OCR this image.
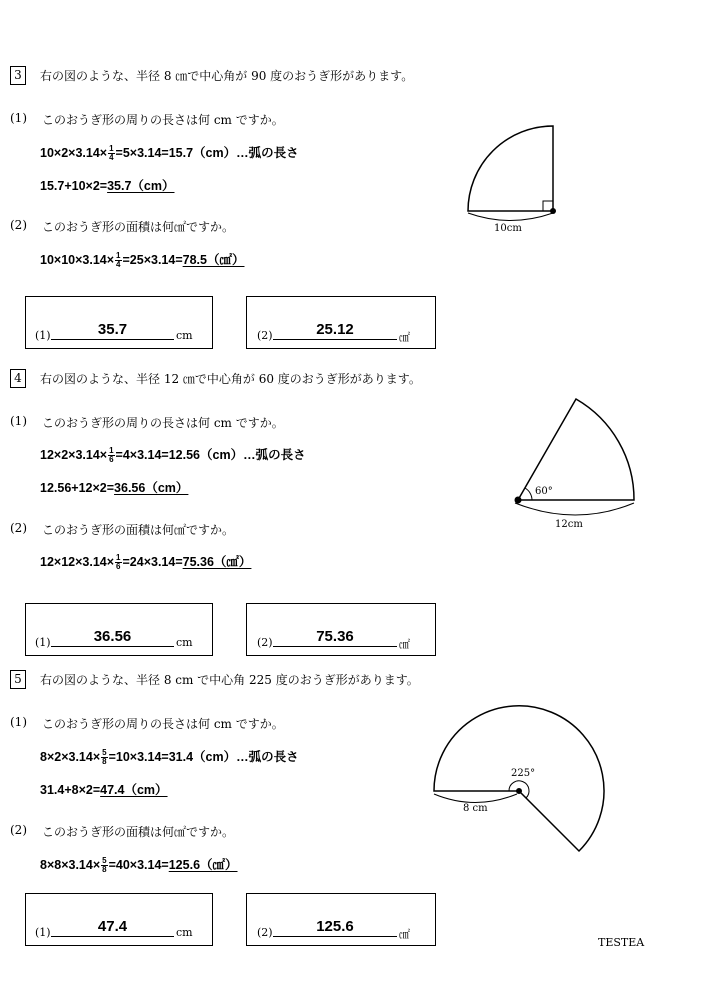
3	右の図のような、半径 8 ㎝で中心角が 90 度のおうぎ形があります。
(1) このおうぎ形の周りの長さは何 cm ですか。
$10\times 2\times 3.14\times \frac{1}{4}$ =5×3.14=15.7（cm）…弧の長さ
15.7+10×2=35.7（cm）
(2) このおうぎ形の面積は何㎠ですか。
$10\times 10\times 3.14\times \frac{1}{4}$ =25×3.14=78.5（㎠）
10cm
(1)	35.7	cm	(2)	25.12	㎠
4	右の図のような、半径 12 ㎝で中心角が 60 度のおうぎ形があります。
(1) このおうぎ形の周りの長さは何 cm ですか。
$12\times 2\times 3.14\times \frac{1}{6}$ =4×3.14=12.56（cm）…弧の長さ
12.56+12×2=36.56（cm）
(2) このおうぎ形の面積は何㎠ですか。
$12\times 12\times 3.14\times \frac{1}{6}$ =24×3.14=75.36（㎠）
60°
12cm
(1)	36.56	cm	(2)	75.36	㎠
5	右の図のような、半径 8 cm で中心角 225 度のおうぎ形があります。
(1) このおうぎ形の周りの長さは何 cm ですか。
$8\times 2\times 3.14\times \frac{5}{8}$ =10×3.14=31.4（cm）…弧の長さ
31.4+8×2=47.4（cm）
(2) このおうぎ形の面積は何㎠ですか。
$8\times 8\times 3.14\times \frac{5}{8}$ =40×3.14=125.6（㎠）
225°
8 cm
(1)	47.4	cm	(2)	125.6	㎠
TESTEA
